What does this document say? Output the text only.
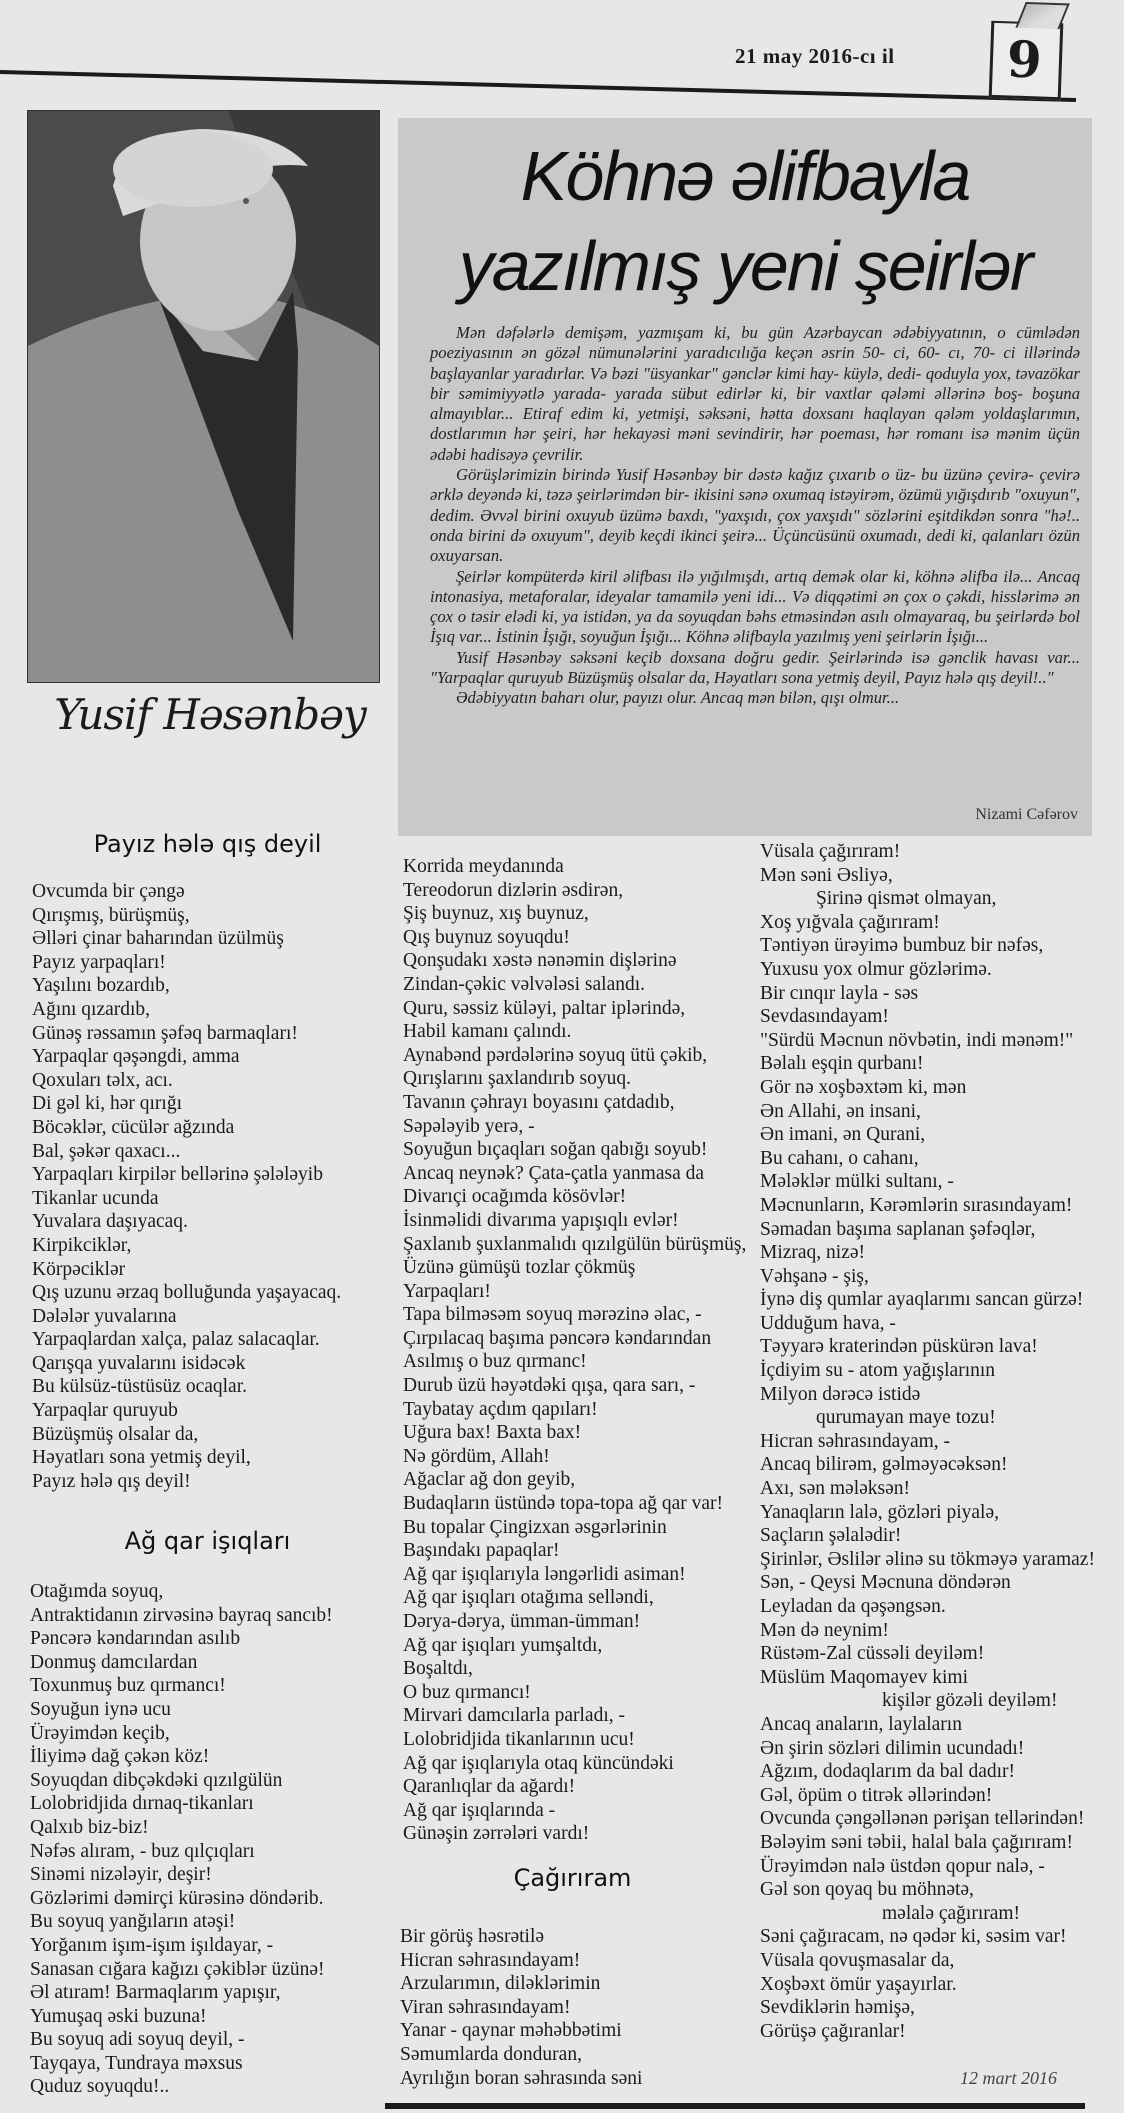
21 may 2016-cı il 9
Yusif Həsənbəy
Köhnə əlifbayla
yazılmış yeni şeirlər

Mən dəfələrlə demişəm, yazmışam ki, bu gün Azərbaycan ədəbiyyatının, o cümlədən poeziyasının ən gözəl nümunələrini yaradıcılığa keçən əsrin 50- ci, 60- cı, 70- ci illərində başlayanlar yaradırlar. Və bəzi "üsyankar" gənclər kimi hay- küylə, dedi- qoduyla yox, təvazökar bir səmimiyyətlə yarada- yarada sübut edirlər ki, bir vaxtlar qələmi əllərinə boş- boşuna almayıblar... Etiraf edim ki, yetmişi, səksəni, hətta doxsanı haqlayan qələm yoldaşlarımın, dostlarımın hər şeiri, hər hekayəsi məni sevindirir, hər poeması, hər romanı isə mənim üçün ədəbi hadisəyə çevrilir.

Görüşlərimizin birində Yusif Həsənbəy bir dəstə kağız çıxarıb o üz- bu üzünə çevirə- çevirə ərklə deyəndə ki, təzə şeirlərimdən bir- ikisini sənə oxumaq istəyirəm, özümü yığışdırıb "oxuyun", dedim. Əvvəl birini oxuyub üzümə baxdı, "yaxşıdı, çox yaxşıdı" sözlərini eşitdikdən sonra "hə!.. onda birini də oxuyum", deyib keçdi ikinci şeirə... Üçüncüsünü oxumadı, dedi ki, qalanları özün oxuyarsan.

Şeirlər kompüterdə kiril əlifbası ilə yığılmışdı, artıq demək olar ki, köhnə əlifba ilə... Ancaq intonasiya, metaforalar, ideyalar tamamilə yeni idi... Və diqqətimi ən çox o çəkdi, hisslərimə ən çox o təsir elədi ki, ya istidən, ya da soyuqdan bəhs etməsindən asılı olmayaraq, bu şeirlərdə bol İşıq var... İstinin İşığı, soyuğun İşığı... Köhnə əlifbayla yazılmış yeni şeirlərin İşığı...

Yusif Həsənbəy səksəni keçib doxsana doğru gedir. Şeirlərində isə gənclik havası var... "Yarpaqlar quruyub Büzüşmüş olsalar da, Həyatları sona yetmiş deyil, Payız hələ qış deyil!.."

Ədəbiyyatın baharı olur, payızı olur. Ancaq mən bilən, qışı olmur...

Nizami Cəfərov
Payız hələ qış deyil
Ovcumda bir çəngə
Qırışmış, bürüşmüş,
Əlləri çinar baharından üzülmüş
Payız yarpaqları!
Yaşılını bozardıb,
Ağını qızardıb,
Günəş rəssamın şəfəq barmaqları!
Yarpaqlar qəşəngdi, amma
Qoxuları təlx, acı.
Di gəl ki, hər qırığı
Böcəklər, cücülər ağzında
Bal, şəkər qaxacı...
Yarpaqları kirpilər bellərinə şələləyib
Tikanlar ucunda
Yuvalara daşıyacaq.
Kirpikciklər,
Körpəciklər
Qış uzunu ərzaq bolluğunda yaşayacaq.
Dələlər yuvalarına
Yarpaqlardan xalça, palaz salacaqlar.
Qarışqa yuvalarını isidəcək
Bu külsüz-tüstüsüz ocaqlar.
Yarpaqlar quruyub
Büzüşmüş olsalar da,
Həyatları sona yetmiş deyil,
Payız hələ qış deyil!
Ağ qar işıqları
Otağımda soyuq,
Antraktidanın zirvəsinə bayraq sancıb!
Pəncərə kəndarından asılıb
Donmuş damcılardan
Toxunmuş buz qırmancı!
Soyuğun iynə ucu
Ürəyimdən keçib,
İliyimə dağ çəkən köz!
Soyuqdan dibçəkdəki qızılgülün
Lolobridjida dırnaq-tikanları
Qalxıb biz-biz!
Nəfəs alıram, - buz qılçıqları
Sinəmi nizələyir, deşir!
Gözlərimi dəmirçi kürəsinə döndərib.
Bu soyuq yanğıların atəşi!
Yorğanım işım-işım işıldayar, -
Sanasan cığara kağızı çəkiblər üzünə!
Əl atıram! Barmaqlarım yapışır,
Yumuşaq əski buzuna!
Bu soyuq adi soyuq deyil, -
Tayqaya, Tundraya məxsus
Quduz soyuqdu!..
Korrida meydanında
Tereodorun dizlərin əsdirən,
Şiş buynuz, xış buynuz,
Qış buynuz soyuqdu!
Qonşudakı xəstə nənəmin dişlərinə
Zindan-çəkic vəlvələsi salandı.
Quru, səssiz küləyi, paltar iplərində,
Habil kamanı çalındı.
Aynabənd pərdələrinə soyuq ütü çəkib,
Qırışlarını şaxlandırıb soyuq.
Tavanın çəhrayı boyasını çatdadıb,
Səpələyib yerə, -
Soyuğun bıçaqları soğan qabığı soyub!
Ancaq neynək? Çata-çatla yanmasa da
Divarıçi ocağımda kösövlər!
İsinməlidi divarıma yapışıqlı evlər!
Şaxlanıb şuxlanmalıdı qızılgülün bürüşmüş,
Üzünə gümüşü tozlar çökmüş
Yarpaqları!
Tapa bilməsəm soyuq mərəzinə əlac, -
Çırpılacaq başıma pəncərə kəndarından
Asılmış o buz qırmanc!
Durub üzü həyətdəki qışa, qara sarı, -
Taybatay açdım qapıları!
Uğura bax! Baxta bax!
Nə gördüm, Allah!
Ağaclar ağ don geyib,
Budaqların üstündə topa-topa ağ qar var!
Bu topalar Çingizxan əsgərlərinin
Başındakı papaqlar!
Ağ qar işıqlarıyla ləngərlidi asiman!
Ağ qar işıqları otağıma selləndi,
Dərya-dərya, ümman-ümman!
Ağ qar işıqları yumşaltdı,
Boşaltdı,
O buz qırmancı!
Mirvari damcılarla parladı, -
Lolobridjida tikanlarının ucu!
Ağ qar işıqlarıyla otaq küncündəki
Qaranlıqlar da ağardı!
Ağ qar işıqlarında -
Günəşin zərrələri vardı!
Çağırıram
Bir görüş həsrətilə
Hicran səhrasındayam!
Arzularımın, diləklərimin
Viran səhrasındayam!
Yanar - qaynar məhəbbətimi
Səmumlarda donduran,
Ayrılığın boran səhrasında səni
Vüsala çağırıram!
Mən səni Əsliyə,
Şirinə qismət olmayan,
Xoş yığvala çağırıram!
Təntiyən ürəyimə bumbuz bir nəfəs,
Yuxusu yox olmur gözlərimə.
Bir cınqır layla - səs
Sevdasındayam!
"Sürdü Məcnun növbətin, indi mənəm!"
Bəlalı eşqin qurbanı!
Gör nə xoşbəxtəm ki, mən
Ən Allahi, ən insani,
Ən imani, ən Qurani,
Bu cahanı, o cahanı,
Mələklər mülki sultanı, -
Məcnunların, Kərəmlərin sırasındayam!
Səmadan başıma saplanan şəfəqlər,
Mizraq, nizə!
Vəhşanə - şiş,
İynə diş qumlar ayaqlarımı sancan gürzə!
Udduğum hava, -
Təyyarə kraterindən püskürən lava!
İçdiyim su - atom yağışlarının
Milyon dərəcə istidə
qurumayan maye tozu!
Hicran səhrasındayam, -
Ancaq bilirəm, gəlməyəcəksən!
Axı, sən mələksən!
Yanaqların lalə, gözləri piyalə,
Saçların şəlalədir!
Şirinlər, Əslilər əlinə su tökməyə yaramaz!
Sən, - Qeysi Məcnuna döndərən
Leyladan da qəşəngsən.
Mən də neynim!
Rüstəm-Zal cüssəli deyiləm!
Müslüm Maqomayev kimi
kişilər gözəli deyiləm!
Ancaq anaların, laylaların
Ən şirin sözləri dilimin ucundadı!
Ağzım, dodaqlarım da bal dadır!
Gəl, öpüm o titrək əllərindən!
Ovcunda çəngəllənən pərişan tellərindən!
Bələyim səni təbii, halal bala çağırıram!
Ürəyimdən nalə üstdən qopur nalə, -
Gəl son qoyaq bu möhnətə,
məlalə çağırıram!
Səni çağıracam, nə qədər ki, səsim var!
Vüsala qovuşmasalar da,
Xoşbəxt ömür yaşayırlar.
Sevdiklərin həmişə,
Görüşə çağıranlar!
12 mart 2016
